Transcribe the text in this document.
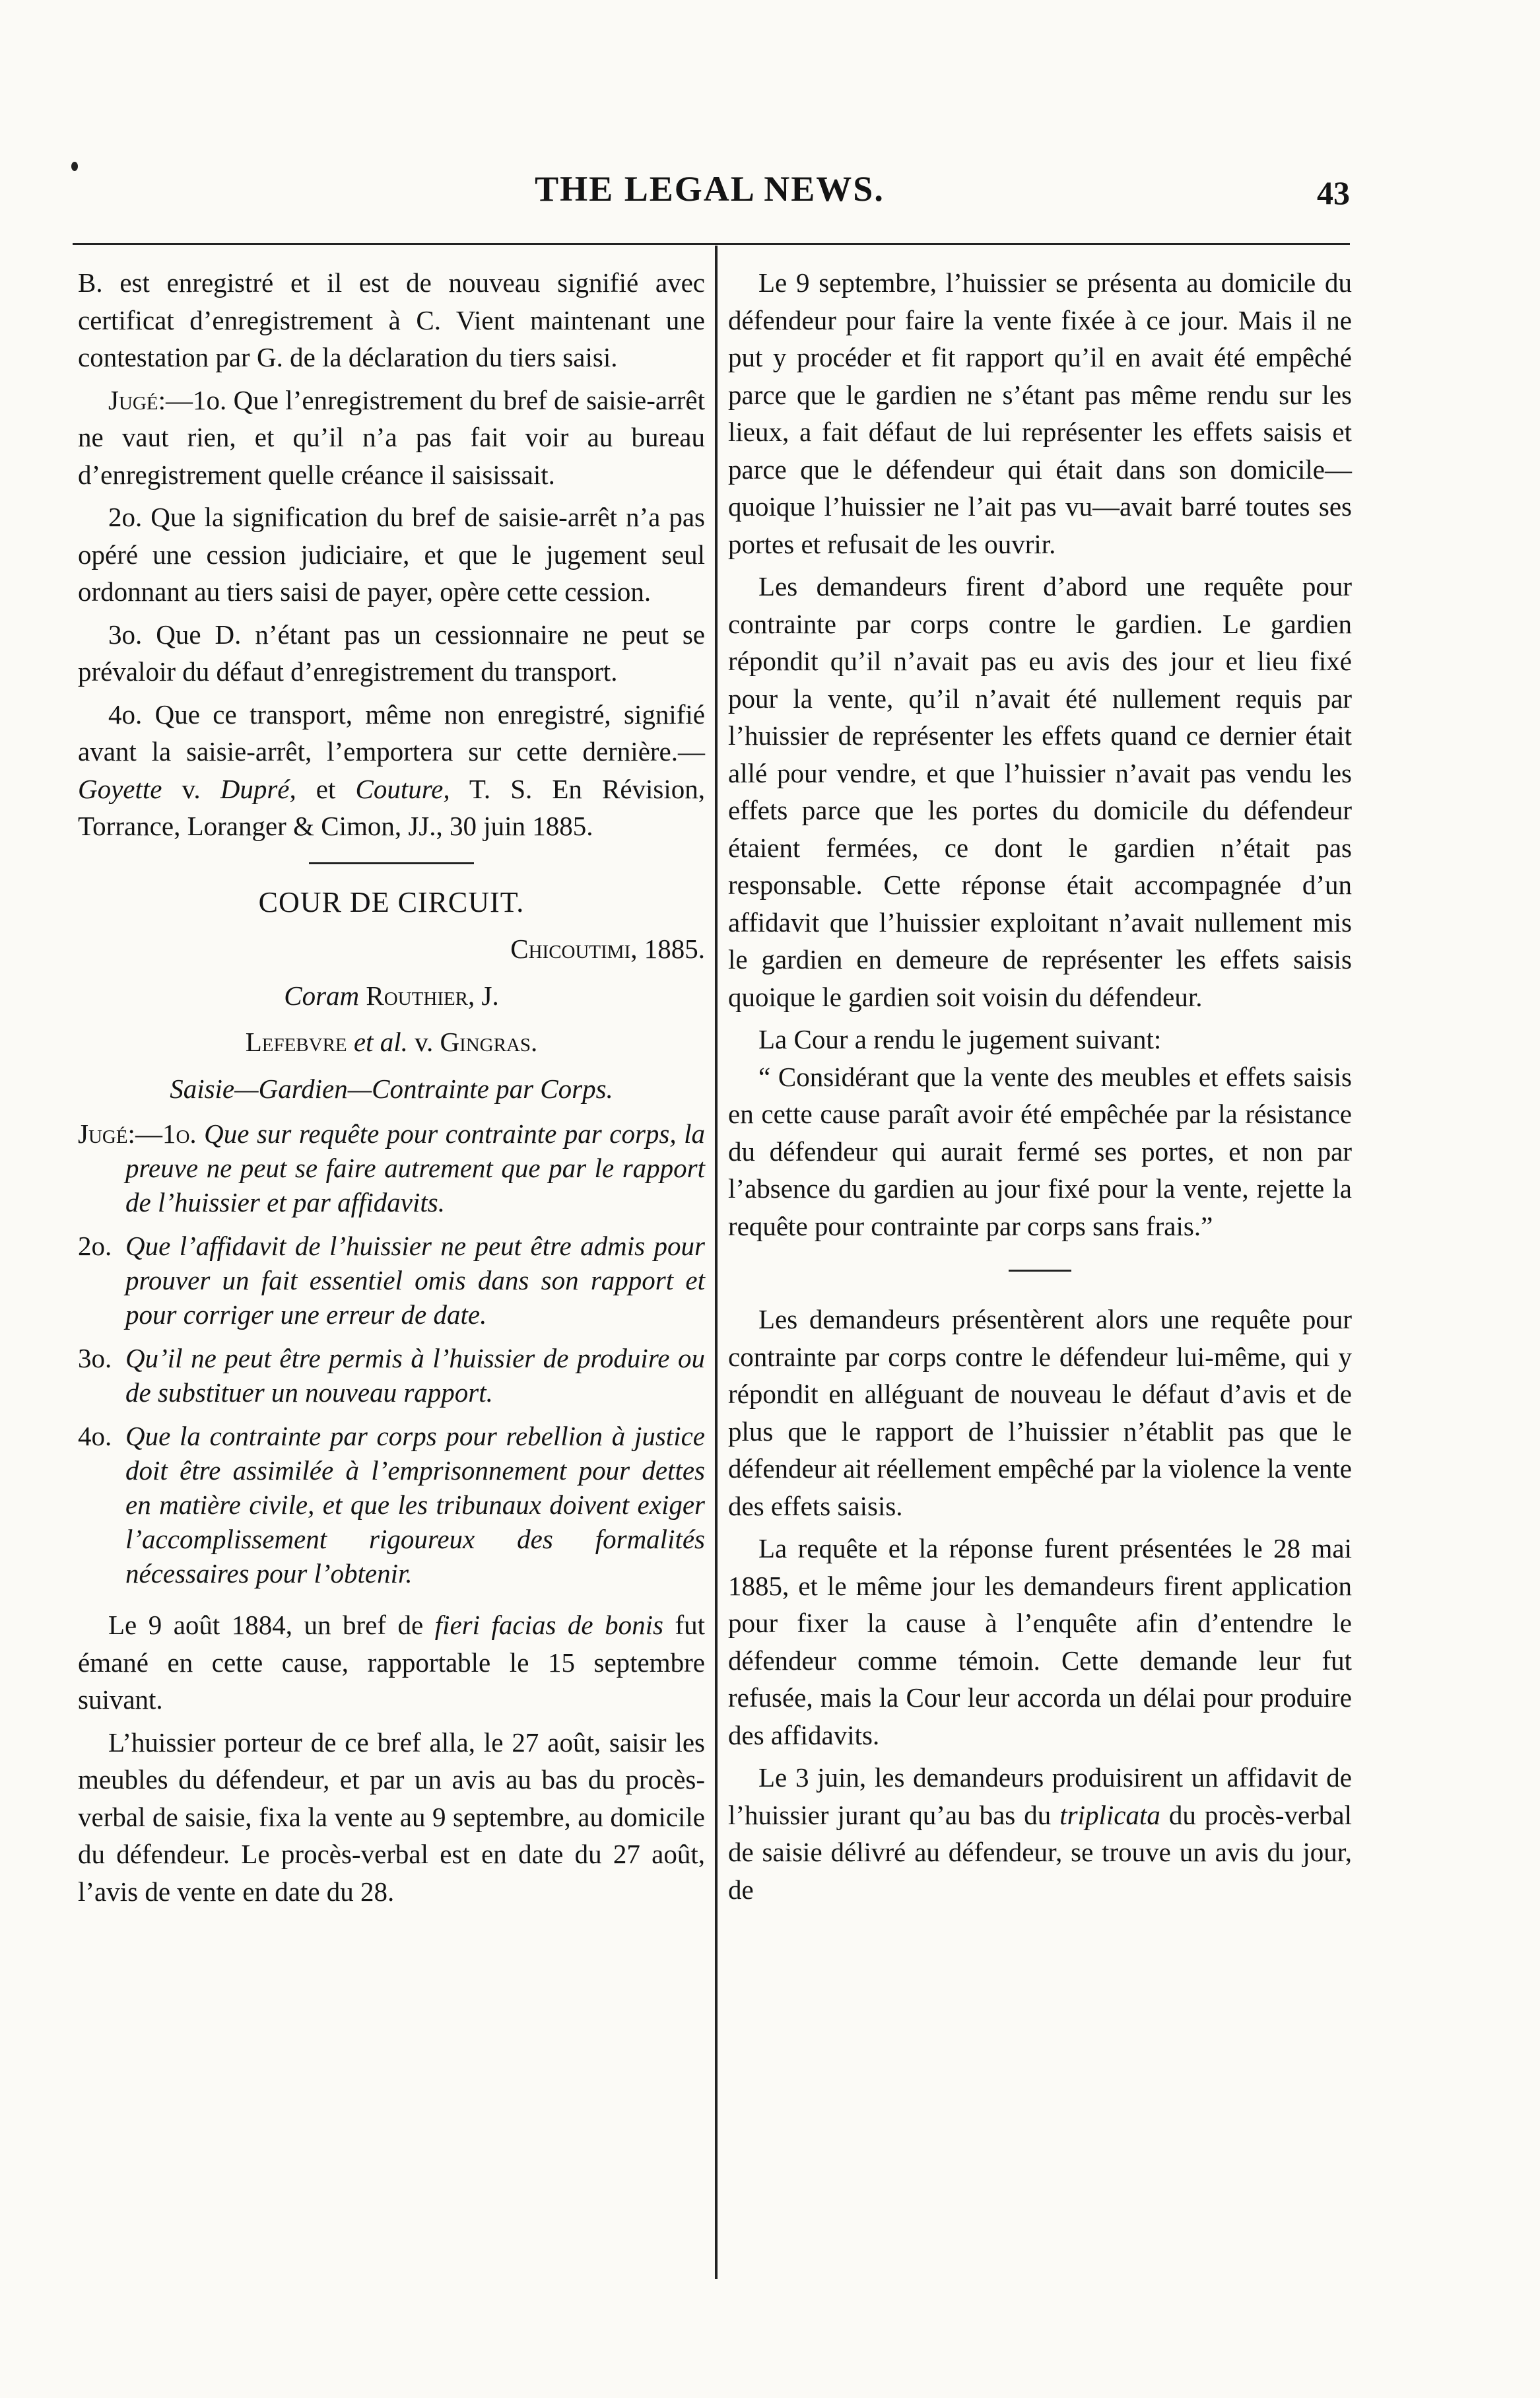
THE LEGAL NEWS.	43

B. est enregistré et il est de nouveau signifié avec certificat d’enregistrement à C. Vient maintenant une contestation par G. de la déclaration du tiers saisi.

Jugé:—1o. Que l’enregistrement du bref de saisie-arrêt ne vaut rien, et qu’il n’a pas fait voir au bureau d’enregistrement quelle créance il saisissait.

2o. Que la signification du bref de saisie-arrêt n’a pas opéré une cession judiciaire, et que le jugement seul ordonnant au tiers saisi de payer, opère cette cession.

3o. Que D. n’étant pas un cessionnaire ne peut se prévaloir du défaut d’enregistrement du transport.

4o. Que ce transport, même non enregistré, signifié avant la saisie-arrêt, l’emportera sur cette dernière.—Goyette v. Dupré, et Couture, T. S. En Révision, Torrance, Loranger & Cimon, JJ., 30 juin 1885.

COUR DE CIRCUIT.

Chicoutimi, 1885.

Coram Routhier, J.

Lefebvre et al. v. Gingras.

Saisie—Gardien—Contrainte par Corps.

Jugé:—1o. Que sur requête pour contrainte par corps, la preuve ne peut se faire autrement que par le rapport de l’huissier et par affidavits.

2o. Que l’affidavit de l’huissier ne peut être admis pour prouver un fait essentiel omis dans son rapport et pour corriger une erreur de date.

3o. Qu’il ne peut être permis à l’huissier de produire ou de substituer un nouveau rapport.

4o. Que la contrainte par corps pour rebellion à justice doit être assimilée à l’emprisonnement pour dettes en matière civile, et que les tribunaux doivent exiger l’accomplissement rigoureux des formalités nécessaires pour l’obtenir.

Le 9 août 1884, un bref de fieri facias de bonis fut émané en cette cause, rapportable le 15 septembre suivant.

L’huissier porteur de ce bref alla, le 27 août, saisir les meubles du défendeur, et par un avis au bas du procès-verbal de saisie, fixa la vente au 9 septembre, au domicile du défendeur. Le procès-verbal est en date du 27 août, l’avis de vente en date du 28.

Le 9 septembre, l’huissier se présenta au domicile du défendeur pour faire la vente fixée à ce jour. Mais il ne put y procéder et fit rapport qu’il en avait été empêché parce que le gardien ne s’étant pas même rendu sur les lieux, a fait défaut de lui représenter les effets saisis et parce que le défendeur qui était dans son domicile—quoique l’huissier ne l’ait pas vu—avait barré toutes ses portes et refusait de les ouvrir.

Les demandeurs firent d’abord une requête pour contrainte par corps contre le gardien. Le gardien répondit qu’il n’avait pas eu avis des jour et lieu fixé pour la vente, qu’il n’avait été nullement requis par l’huissier de représenter les effets quand ce dernier était allé pour vendre, et que l’huissier n’avait pas vendu les effets parce que les portes du domicile du défendeur étaient fermées, ce dont le gardien n’était pas responsable. Cette réponse était accompagnée d’un affidavit que l’huissier exploitant n’avait nullement mis le gardien en demeure de représenter les effets saisis quoique le gardien soit voisin du défendeur.

La Cour a rendu le jugement suivant:

“ Considérant que la vente des meubles et effets saisis en cette cause paraît avoir été empêchée par la résistance du défendeur qui aurait fermé ses portes, et non par l’absence du gardien au jour fixé pour la vente, rejette la requête pour contrainte par corps sans frais.”

Les demandeurs présentèrent alors une requête pour contrainte par corps contre le défendeur lui-même, qui y répondit en alléguant de nouveau le défaut d’avis et de plus que le rapport de l’huissier n’établit pas que le défendeur ait réellement empêché par la violence la vente des effets saisis.

La requête et la réponse furent présentées le 28 mai 1885, et le même jour les demandeurs firent application pour fixer la cause à l’enquête afin d’entendre le défendeur comme témoin. Cette demande leur fut refusée, mais la Cour leur accorda un délai pour produire des affidavits.

Le 3 juin, les demandeurs produisirent un affidavit de l’huissier jurant qu’au bas du triplicata du procès-verbal de saisie délivré au défendeur, se trouve un avis du jour, de
